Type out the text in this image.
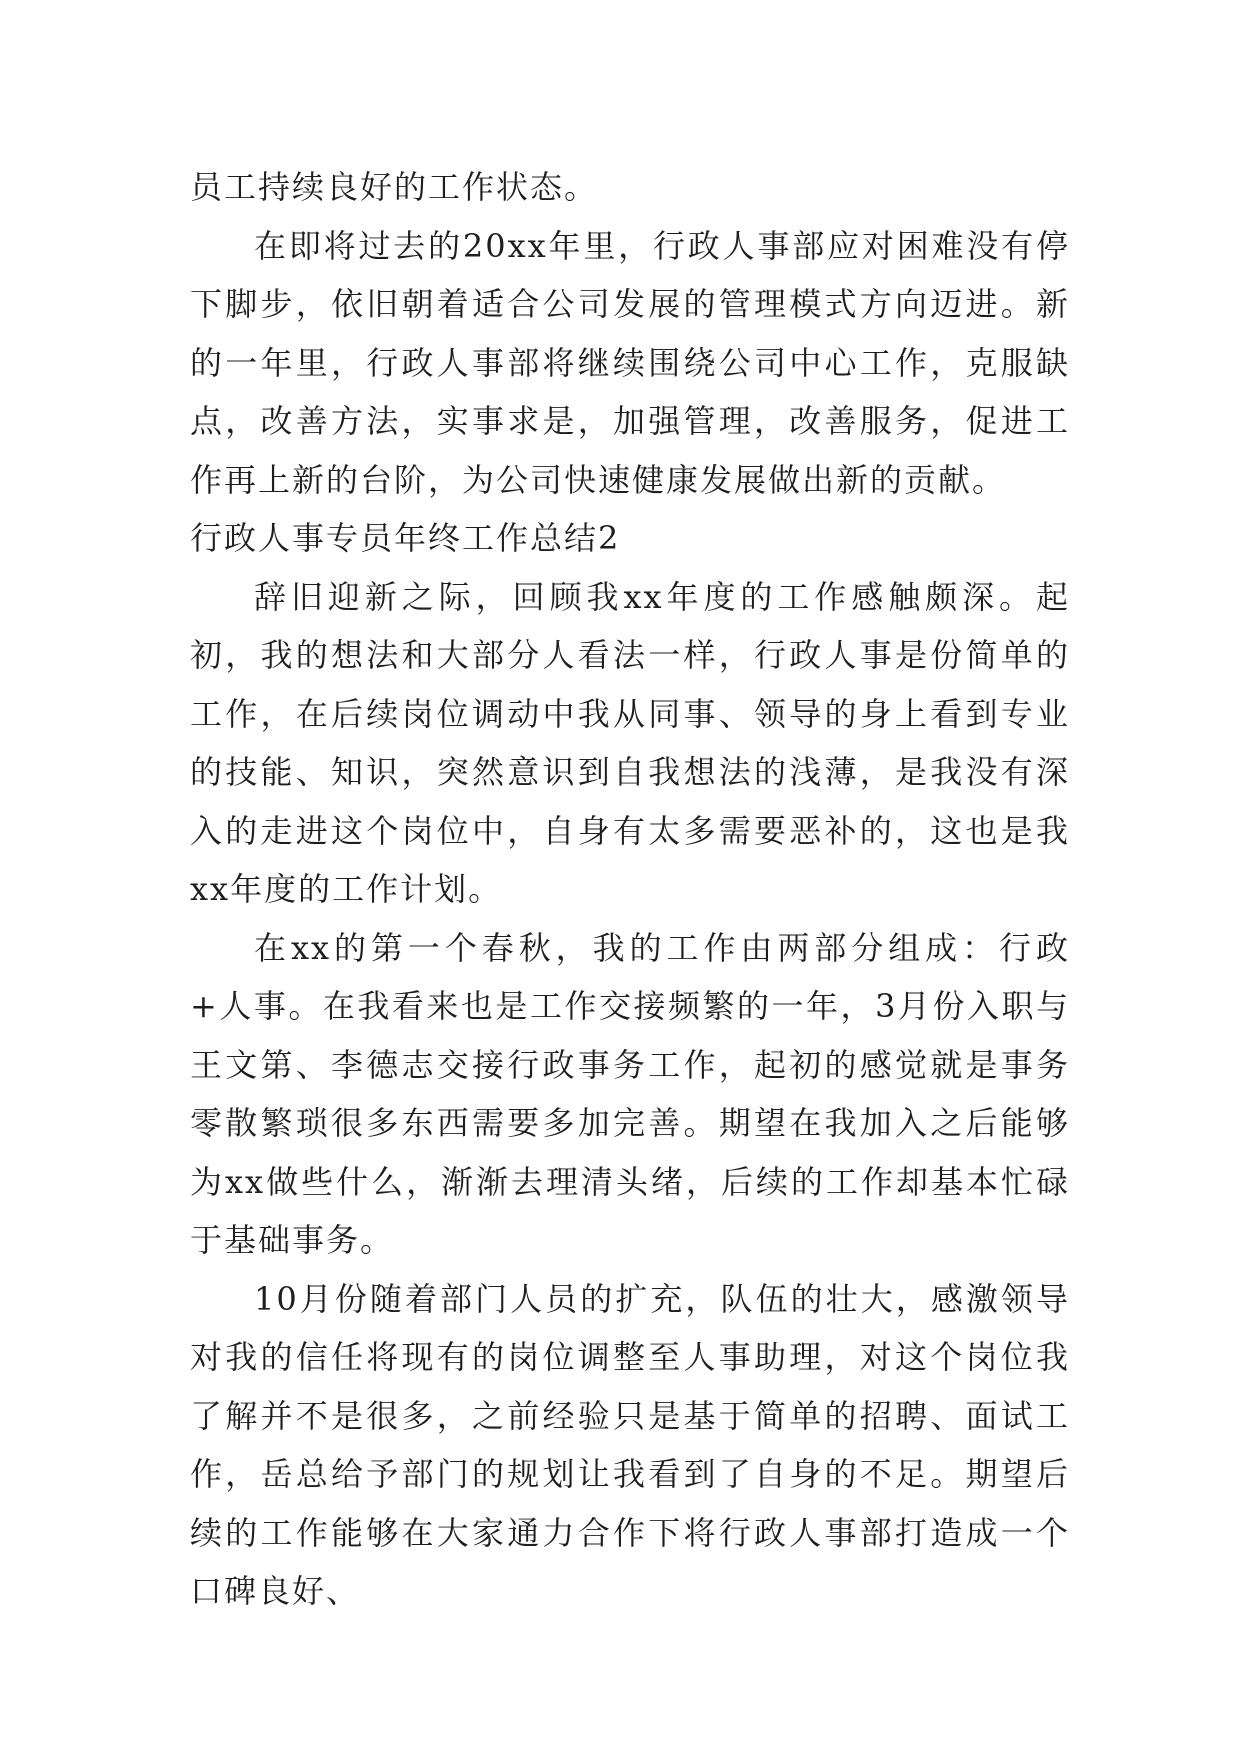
员工持续良好的工作状态。

在即将过去的20xx年里，行政人事部应对困难没有停下脚步，依旧朝着适合公司发展的管理模式方向迈进。新的一年里，行政人事部将继续围绕公司中心工作，克服缺点，改善方法，实事求是，加强管理，改善服务，促进工作再上新的台阶，为公司快速健康发展做出新的贡献。

行政人事专员年终工作总结2

辞旧迎新之际，回顾我xx年度的工作感触颇深。起初，我的想法和大部分人看法一样，行政人事是份简单的工作，在后续岗位调动中我从同事、领导的身上看到专业的技能、知识，突然意识到自我想法的浅薄，是我没有深入的走进这个岗位中，自身有太多需要恶补的，这也是我xx年度的工作计划。

在xx的第一个春秋，我的工作由两部分组成：行政+人事。在我看来也是工作交接频繁的一年，3月份入职与王文第、李德志交接行政事务工作，起初的感觉就是事务零散繁琐很多东西需要多加完善。期望在我加入之后能够为xx做些什么，渐渐去理清头绪，后续的工作却基本忙碌于基础事务。

10月份随着部门人员的扩充，队伍的壮大，感激领导对我的信任将现有的岗位调整至人事助理，对这个岗位我了解并不是很多，之前经验只是基于简单的招聘、面试工作，岳总给予部门的规划让我看到了自身的不足。期望后续的工作能够在大家通力合作下将行政人事部打造成一个口碑良好、
